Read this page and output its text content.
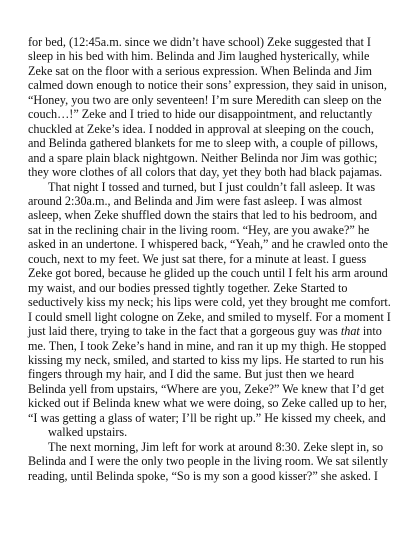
for bed, (12:45a.m. since we didn’t have school) Zeke suggested that I
sleep in his bed with him. Belinda and Jim laughed hysterically, while
Zeke sat on the floor with a serious expression. When Belinda and Jim
calmed down enough to notice their sons’ expression, they said in unison,
“Honey, you two are only seventeen! I’m sure Meredith can sleep on the
couch…!” Zeke and I tried to hide our disappointment, and reluctantly
chuckled at Zeke’s idea. I nodded in approval at sleeping on the couch,
and Belinda gathered blankets for me to sleep with, a couple of pillows,
and a spare plain black nightgown. Neither Belinda nor Jim was gothic;
they wore clothes of all colors that day, yet they both had black pajamas.
That night I tossed and turned, but I just couldn’t fall asleep. It was
around 2:30a.m., and Belinda and Jim were fast asleep. I was almost
asleep, when Zeke shuffled down the stairs that led to his bedroom, and
sat in the reclining chair in the living room. “Hey, are you awake?” he
asked in an undertone. I whispered back, “Yeah,” and he crawled onto the
couch, next to my feet. We just sat there, for a minute at least. I guess
Zeke got bored, because he glided up the couch until I felt his arm around
my waist, and our bodies pressed tightly together. Zeke Started to
seductively kiss my neck; his lips were cold, yet they brought me comfort.
I could smell light cologne on Zeke, and smiled to myself. For a moment I
just laid there, trying to take in the fact that a gorgeous guy was that into
me. Then, I took Zeke’s hand in mine, and ran it up my thigh. He stopped
kissing my neck, smiled, and started to kiss my lips. He started to run his
fingers through my hair, and I did the same. But just then we heard
Belinda yell from upstairs, “Where are you, Zeke?” We knew that I’d get
kicked out if Belinda knew what we were doing, so Zeke called up to her,
“I was getting a glass of water; I’ll be right up.” He kissed my cheek, and
walked upstairs.
The next morning, Jim left for work at around 8:30. Zeke slept in, so
Belinda and I were the only two people in the living room. We sat silently
reading, until Belinda spoke, “So is my son a good kisser?” she asked. I
